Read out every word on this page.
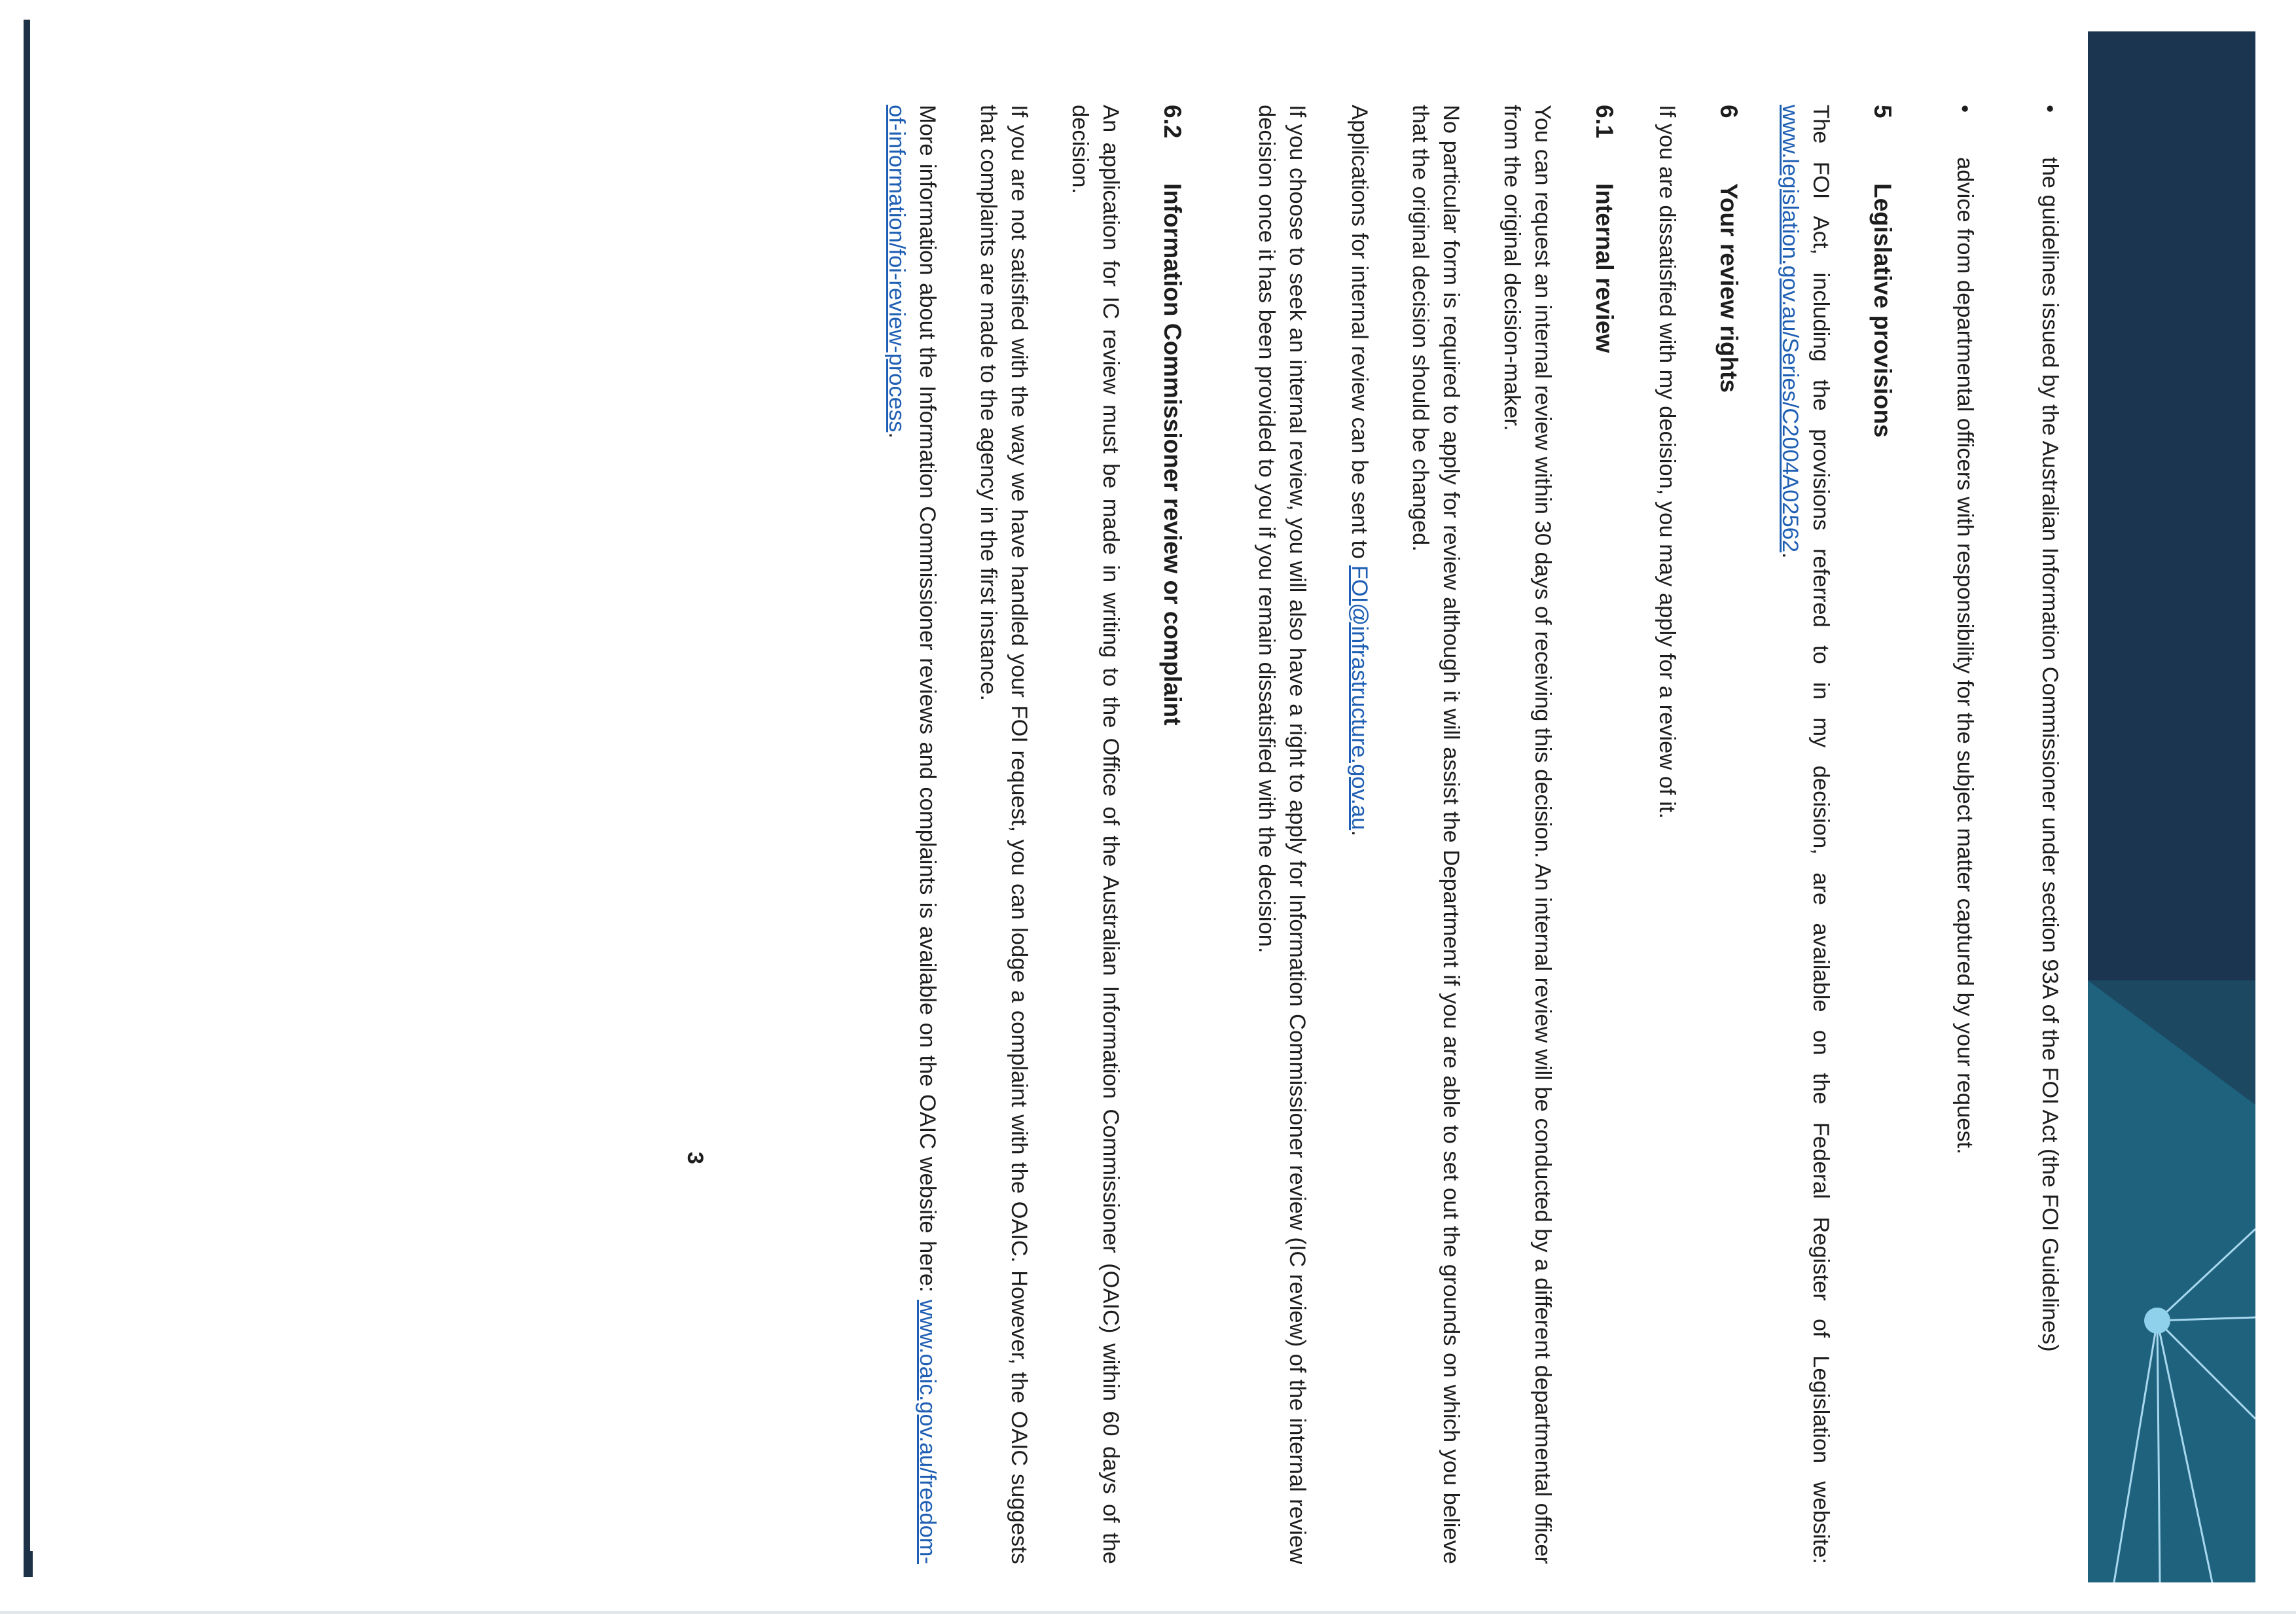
•
the guidelines issued by the Australian Information Commissioner under section 93A of the FOI Act (the FOI Guidelines)
•
advice from departmental officers with responsibility for the subject matter captured by your request.
5Legislative provisions

The FOI Act, including the provisions referred to in my decision, are available on the Federal Register of Legislation website: www.legislation.gov.au/Series/C2004A02562.

6Your review rights

If you are dissatisfied with my decision, you may apply for a review of it.

6.1Internal review

You can request an internal review within 30 days of receiving this decision. An internal review will be conducted by a different departmental officer from the original decision-maker.

No particular form is required to apply for review although it will assist the Department if you are able to set out the grounds on which you believe that the original decision should be changed.

Applications for internal review can be sent to FOI@infrastructure.gov.au.

If you choose to seek an internal review, you will also have a right to apply for Information Commissioner review (IC review) of the internal review decision once it has been provided to you if you remain dissatisfied with the decision.

6.2Information Commissioner review or complaint

An application for IC review must be made in writing to the Office of the Australian Information Commissioner (OAIC) within 60 days of the decision.

If you are not satisfied with the way we have handled your FOI request, you can lodge a complaint with the OAIC. However, the OAIC suggests that complaints are made to the agency in the first instance.

More information about the Information Commissioner reviews and complaints is available on the OAIC website here: www.oaic.gov.au/freedom-of-information/foi-review-process.

3
